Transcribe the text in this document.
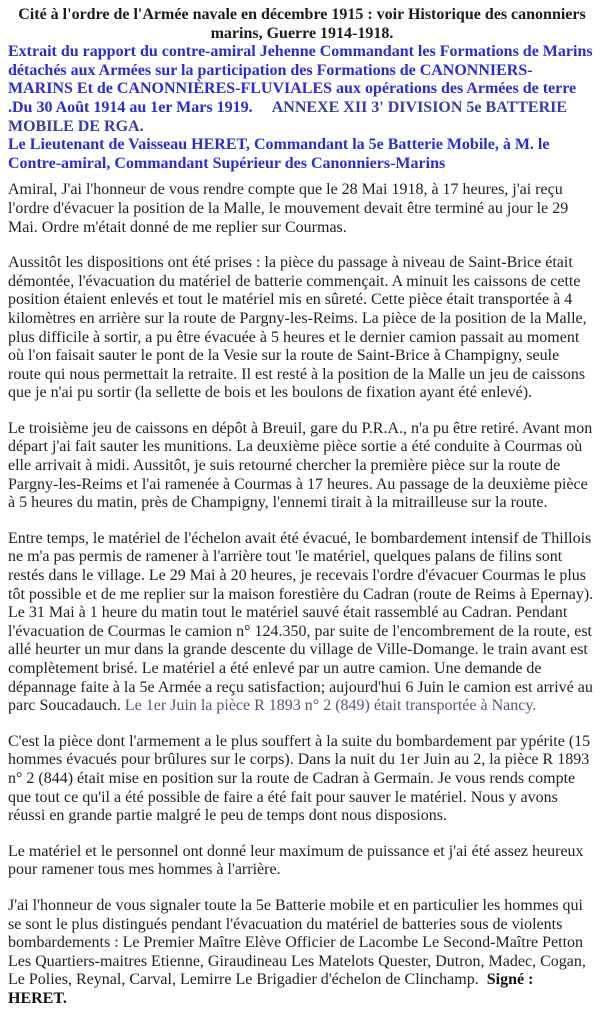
Cité à l'ordre de l'Armée navale en décembre 1915 : voir Historique des canonniers marins, Guerre 1914-1918.

Extrait du rapport du contre-amiral Jehenne Commandant les Formations de Marins détachés aux Armées sur la participation des Formations de CANONNIERS-MARINS Et de CANONNIÈRES-FLUVIALES aux opérations des Armées de terre .Du 30 Août 1914 au 1er Mars 1919. ANNEXE XII 3' DIVISION 5e BATTERIE MOBILE DE RGA.

Le Lieutenant de Vaisseau HERET, Commandant la 5e Batterie Mobile, à M. le Contre-amiral, Commandant Supérieur des Canonniers-Marins

Amiral, J'ai l'honneur de vous rendre compte que le 28 Mai 1918, à 17 heures, j'ai reçu l'ordre d'évacuer la position de la Malle, le mouvement devait être terminé au jour le 29 Mai. Ordre m'était donné de me replier sur Courmas.

Aussitôt les dispositions ont été prises : la pièce du passage à niveau de Saint-Brice était démontée, l'évacuation du matériel de batterie commençait. A minuit les caissons de cette position étaient enlevés et tout le matériel mis en sûreté. Cette pièce était transportée à 4 kilomètres en arrière sur la route de Pargny-les-Reims. La pièce de la position de la Malle, plus difficile à sortir, a pu être évacuée à 5 heures et le dernier camion passait au moment où l'on faisait sauter le pont de la Vesie sur la route de Saint-Brice à Champigny, seule route qui nous permettait la retraite. Il est resté à la position de la Malle un jeu de caissons que je n'ai pu sortir (la sellette de bois et les boulons de fixation ayant été enlevé).

Le troisième jeu de caissons en dépôt à Breuil, gare du P.R.A., n'a pu être retiré. Avant mon départ j'ai fait sauter les munitions. La deuxième pièce sortie a été conduite à Courmas où elle arrivait à midi. Aussitôt, je suis retourné chercher la première pièce sur la route de Pargny-les-Reims et l'ai ramenée à Courmas à 17 heures. Au passage de la deuxième pièce à 5 heures du matin, près de Champigny, l'ennemi tirait à la mitrailleuse sur la route.

Entre temps, le matériel de l'échelon avait été évacué, le bombardement intensif de Thillois ne m'a pas permis de ramener à l'arrière tout 'le matériel, quelques palans de filins sont restés dans le village. Le 29 Mai à 20 heures, je recevais l'ordre d'évacuer Courmas le plus tôt possible et de me replier sur la maison forestière du Cadran (route de Reims à Epernay). Le 31 Mai à 1 heure du matin tout le matériel sauvé était rassemblé au Cadran. Pendant l'évacuation de Courmas le camion n° 124.350, par suite de l'encombrement de la route, est allé heurter un mur dans la grande descente du village de Ville-Domange. le train avant est complètement brisé. Le matériel a été enlevé par un autre camion. Une demande de dépannage faite à la 5e Armée a reçu satisfaction; aujourd'hui 6 Juin le camion est arrivé au parc Soucadauch. Le 1er Juin la pièce R 1893 n° 2 (849) était transportée à Nancy.

C'est la pièce dont l'armement a le plus souffert à la suite du bombardement par ypérite (15 hommes évacués pour brûlures sur le corps). Dans la nuit du 1er Juin au 2, la pièce R 1893 n° 2 (844) était mise en position sur la route de Cadran à Germain. Je vous rends compte que tout ce qu'il a été possible de faire a été fait pour sauver le matériel. Nous y avons réussi en grande partie malgré le peu de temps dont nous disposions.

Le matériel et le personnel ont donné leur maximum de puissance et j'ai été assez heureux pour ramener tous mes hommes à l'arrière.

J'ai l'honneur de vous signaler toute la 5e Batterie mobile et en particulier les hommes qui se sont le plus distingués pendant l'évacuation du matériel de batteries sous de violents bombardements : Le Premier Maître Elève Officier de Lacombe Le Second-Maître Petton Les Quartiers-maitres Etienne, Giraudineau Les Matelots Quester, Dutron, Madec, Cogan, Le Polies, Reynal, Carval, Lemirre Le Brigadier d'échelon de Clinchamp. Signé : HERET.
